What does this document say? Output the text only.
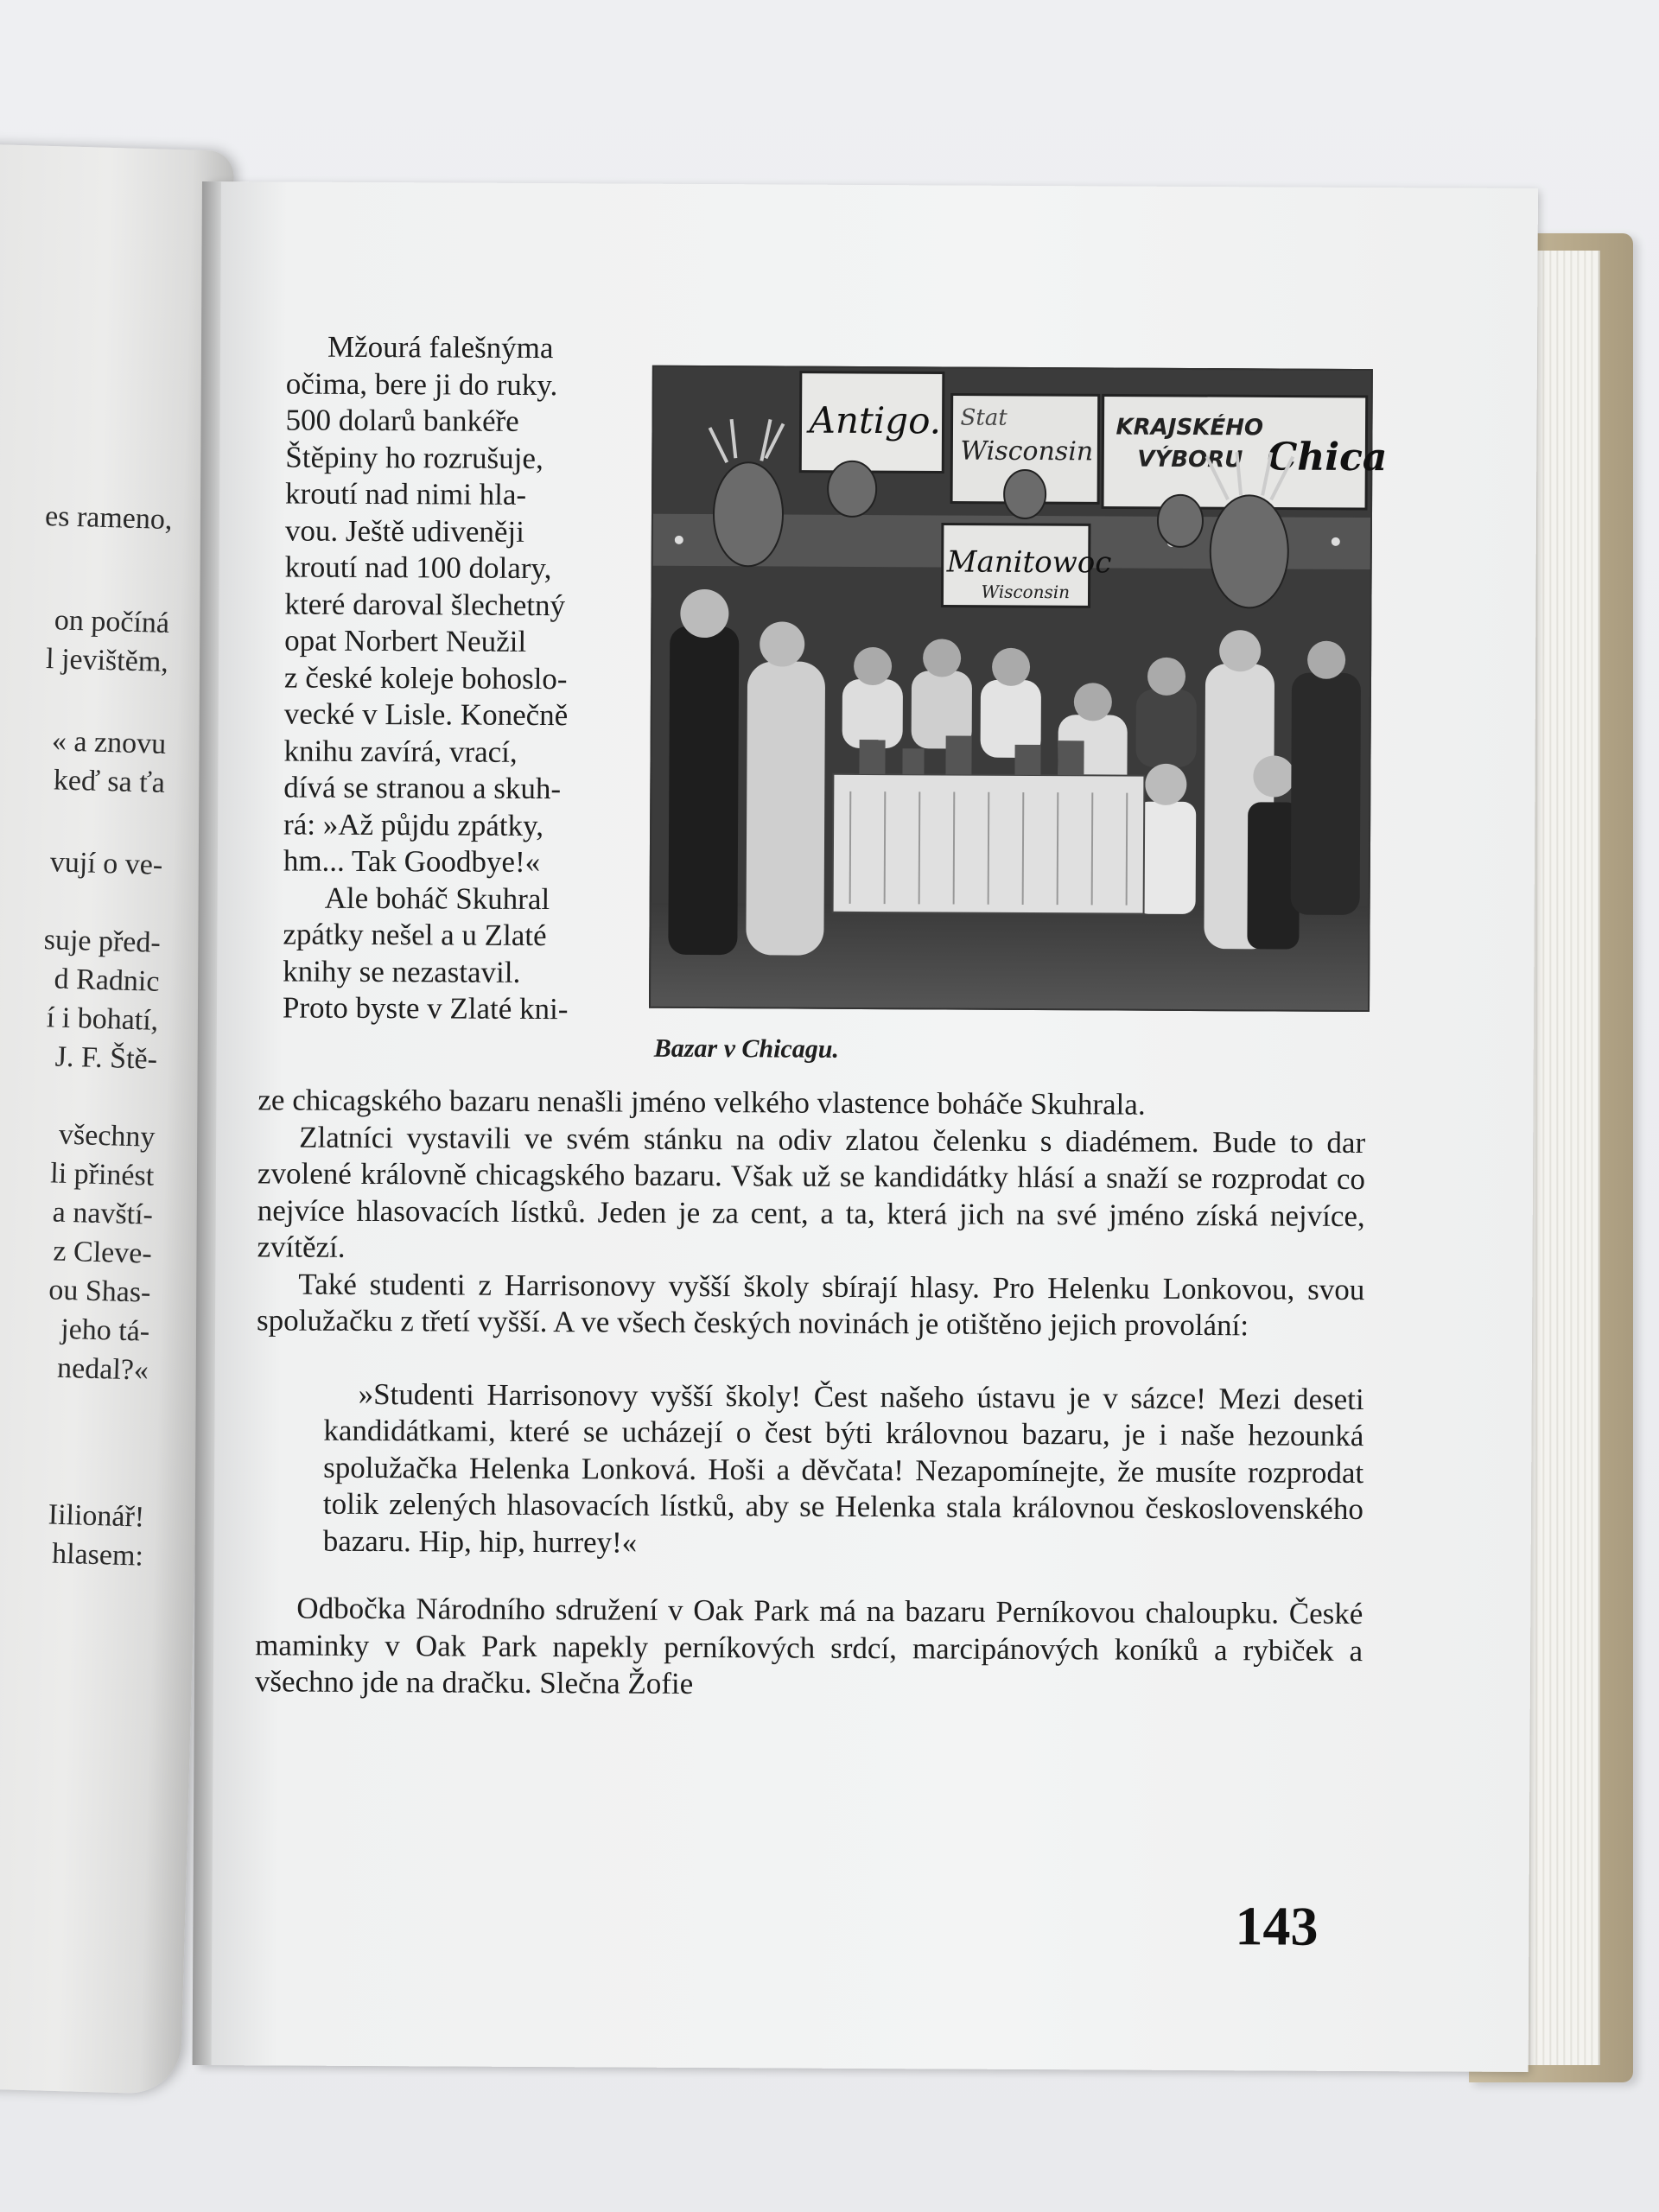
es rameno,
on počíná
l jevištěm,
« a znovu
keď sa ťa
vují o ve-
suje před-
d Radnic
í i bohatí,
J. F. Ště-
všechny
li přinést
a navští-
z Cleve-
ou Shas-
jeho tá-
nedal?«
Iilionář!
hlasem:
Mžourá falešnýma
očima, bere ji do ruky.
500 dolarů bankéře
Štěpiny ho rozrušuje,
kroutí nad nimi hla-
vou. Ještě udiveněji
kroutí nad 100 dolary,
které daroval šlechetný
opat Norbert Neužil
z české koleje bohoslo-
vecké v Lisle. Konečně
knihu zavírá, vrací,
dívá se stranou a skuh-
rá: »Až půjdu zpátky,
hm... Tak Goodbye!«
Ale boháč Skuhral
zpátky nešel a u Zlaté
knihy se nezastavil.
Proto byste v Zlaté kni-
Antigo. Stat
Wisconsin
KRAJSKÉHO
VÝBORU Chica
Manitowoc
Wisconsin
Bazar v Chicagu.

ze chicagského bazaru nenašli jméno velkého vlastence boháče Skuhrala.

Zlatníci vystavili ve svém stánku na odiv zlatou čelenku s diadémem. Bude to dar zvolené královně chicagského bazaru. Však už se kandidátky hlásí a snaží se rozprodat co nejvíce hlasovacích lístků. Jeden je za cent, a ta, která jich na své jméno získá nejvíce, zvítězí.

Také studenti z Harrisonovy vyšší školy sbírají hlasy. Pro Helenku Lonkovou, svou spolužačku z třetí vyšší. A ve všech českých novinách je otištěno jejich provolání:

»Studenti Harrisonovy vyšší školy! Čest našeho ústavu je v sázce! Mezi deseti kandidátkami, které se ucházejí o čest býti královnou bazaru, je i naše hezounká spolužačka Helenka Lonková. Hoši a děvčata! Nezapomínejte, že musíte rozprodat tolik zelených hlasovacích lístků, aby se Helenka stala královnou československého bazaru. Hip, hip, hurrey!«

Odbočka Národního sdružení v Oak Park má na bazaru Perníkovou chaloupku. České maminky v Oak Park napekly perníkových srdcí, marcipánových koníků a rybiček a všechno jde na dračku. Slečna Žofie

143
